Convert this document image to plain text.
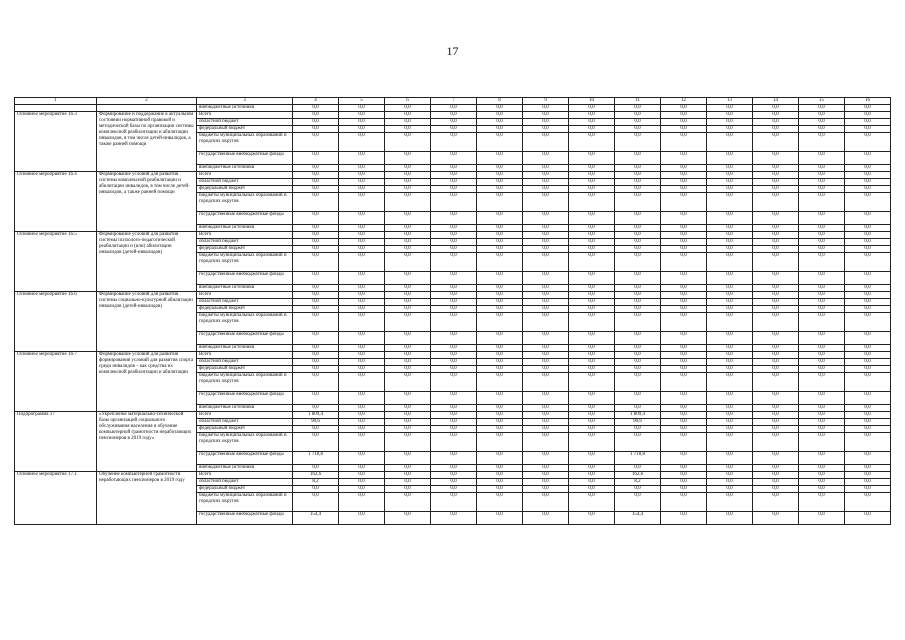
17
1	2	3	4	5	6	7	8	9	10	11	12	13	14	15	16
		внебюджетные источники	0,0	0,0	0,0	0,0	0,0	0,0	0,0	0,0	0,0	0,0	0,0	0,0	0,0
Основное мероприятие 16.3	Формирование и поддержание в актуальном состоянии нормативной правовой и методической базы по организации системы комплексной реабилитации и абилитации инвалидов, в том числе детей-инвалидов, а также ранней помощи	Всего	0,0	0,0	0,0	0,0	0,0	0,0	0,0	0,0	0,0	0,0	0,0	0,0	0,0
		областной бюджет	0,0	0,0	0,0	0,0	0,0	0,0	0,0	0,0	0,0	0,0	0,0	0,0	0,0
		федеральный бюджет	0,0	0,0	0,0	0,0	0,0	0,0	0,0	0,0	0,0	0,0	0,0	0,0	0,0
		бюджеты муниципальных образований и городских округов	0,0	0,0	0,0	0,0	0,0	0,0	0,0	0,0	0,0	0,0	0,0	0,0	0,0
		государственные внебюджетные фонды	0,0	0,0	0,0	0,0	0,0	0,0	0,0	0,0	0,0	0,0	0,0	0,0	0,0
		внебюджетные источники	0,0	0,0	0,0	0,0	0,0	0,0	0,0	0,0	0,0	0,0	0,0	0,0	0,0
Основное мероприятие 16.4	Формирование условий для развития системы комплексной реабилитации и абилитации инвалидов, в том числе детей-инвалидов, а также ранней помощи	Всего	0,0	0,0	0,0	0,0	0,0	0,0	0,0	0,0	0,0	0,0	0,0	0,0	0,0
		областной бюджет	0,0	0,0	0,0	0,0	0,0	0,0	0,0	0,0	0,0	0,0	0,0	0,0	0,0
		федеральный бюджет	0,0	0,0	0,0	0,0	0,0	0,0	0,0	0,0	0,0	0,0	0,0	0,0	0,0
		бюджеты муниципальных образований и городских округов	0,0	0,0	0,0	0,0	0,0	0,0	0,0	0,0	0,0	0,0	0,0	0,0	0,0
		государственные внебюджетные фонды	0,0	0,0	0,0	0,0	0,0	0,0	0,0	0,0	0,0	0,0	0,0	0,0	0,0
		внебюджетные источники	0,0	0,0	0,0	0,0	0,0	0,0	0,0	0,0	0,0	0,0	0,0	0,0	0,0
Основное мероприятие 16.5	Формирование условий для развития системы психолого-педагогической реабилитации и (или) абилитации инвалидов (детей-инвалидов)	Всего	0,0	0,0	0,0	0,0	0,0	0,0	0,0	0,0	0,0	0,0	0,0	0,0	0,0
		областной бюджет	0,0	0,0	0,0	0,0	0,0	0,0	0,0	0,0	0,0	0,0	0,0	0,0	0,0
		федеральный бюджет	0,0	0,0	0,0	0,0	0,0	0,0	0,0	0,0	0,0	0,0	0,0	0,0	0,0
		бюджеты муниципальных образований и городских округов	0,0	0,0	0,0	0,0	0,0	0,0	0,0	0,0	0,0	0,0	0,0	0,0	0,0
		государственные внебюджетные фонды	0,0	0,0	0,0	0,0	0,0	0,0	0,0	0,0	0,0	0,0	0,0	0,0	0,0
		внебюджетные источники	0,0	0,0	0,0	0,0	0,0	0,0	0,0	0,0	0,0	0,0	0,0	0,0	0,0
Основное мероприятие 16.6	Формирование условий для развития системы социально-культурной абилитации инвалидов (детей-инвалидов)	Всего	0,0	0,0	0,0	0,0	0,0	0,0	0,0	0,0	0,0	0,0	0,0	0,0	0,0
		областной бюджет	0,0	0,0	0,0	0,0	0,0	0,0	0,0	0,0	0,0	0,0	0,0	0,0	0,0
		федеральный бюджет	0,0	0,0	0,0	0,0	0,0	0,0	0,0	0,0	0,0	0,0	0,0	0,0	0,0
		бюджеты муниципальных образований и городских округов	0,0	0,0	0,0	0,0	0,0	0,0	0,0	0,0	0,0	0,0	0,0	0,0	0,0
		государственные внебюджетные фонды	0,0	0,0	0,0	0,0	0,0	0,0	0,0	0,0	0,0	0,0	0,0	0,0	0,0
		внебюджетные источники	0,0	0,0	0,0	0,0	0,0	0,0	0,0	0,0	0,0	0,0	0,0	0,0	0,0
Основное мероприятие 16.7	Формирование условий для развития формирования условий для развития спорта среди инвалидов – как средства их комплексной реабилитации и абилитации	Всего	0,0	0,0	0,0	0,0	0,0	0,0	0,0	0,0	0,0	0,0	0,0	0,0	0,0
		областной бюджет	0,0	0,0	0,0	0,0	0,0	0,0	0,0	0,0	0,0	0,0	0,0	0,0	0,0
		федеральный бюджет	0,0	0,0	0,0	0,0	0,0	0,0	0,0	0,0	0,0	0,0	0,0	0,0	0,0
		бюджеты муниципальных образований и городских округов	0,0	0,0	0,0	0,0	0,0	0,0	0,0	0,0	0,0	0,0	0,0	0,0	0,0
		государственные внебюджетные фонды	0,0	0,0	0,0	0,0	0,0	0,0	0,0	0,0	0,0	0,0	0,0	0,0	0,0
		внебюджетные источники	0,0	0,0	0,0	0,0	0,0	0,0	0,0	0,0	0,0	0,0	0,0	0,0	0,0
Подпрограмма 17	«Укрепление материально-технической базы организаций социального обслуживания населения и обучение компьютерной грамотности неработающих пенсионеров в 2019 году»	Всего	1 809,4	0,0	0,0	0,0	0,0	0,0	0,0	1 809,4	0,0	0,0	0,0	0,0	0,0
		областной бюджет	90,6	0,0	0,0	0,0	0,0	0,0	0,0	90,6	0,0	0,0	0,0	0,0	0,0
		федеральный бюджет	0,0	0,0	0,0	0,0	0,0	0,0	0,0	0,0	0,0	0,0	0,0	0,0	0,0
		бюджеты муниципальных образований и городских округов	0,0	0,0	0,0	0,0	0,0	0,0	0,0	0,0	0,0	0,0	0,0	0,0	0,0
		государственные внебюджетные фонды	1 718,8	0,0	0,0	0,0	0,0	0,0	0,0	1 718,8	0,0	0,0	0,0	0,0	0,0
		внебюджетные источники	0,0	0,0	0,0	0,0	0,0	0,0	0,0	0,0	0,0	0,0	0,0	0,0	0,0
Основное мероприятие 17.1	Обучение компьютерной грамотности неработающих пенсионеров в 2019 году	Всего	162,6	0,0	0,0	0,0	0,0	0,0	0,0	162,6	0,0	0,0	0,0	0,0	0,0
		областной бюджет	8,2	0,0	0,0	0,0	0,0	0,0	0,0	8,2	0,0	0,0	0,0	0,0	0,0
		федеральный бюджет	0,0	0,0	0,0	0,0	0,0	0,0	0,0	0,0	0,0	0,0	0,0	0,0	0,0
		бюджеты муниципальных образований и городских округов	0,0	0,0	0,0	0,0	0,0	0,0	0,0	0,0	0,0	0,0	0,0	0,0	0,0
		государственные внебюджетные фонды	154,4	0,0	0,0	0,0	0,0	0,0	0,0	154,4	0,0	0,0	0,0	0,0	0,0
